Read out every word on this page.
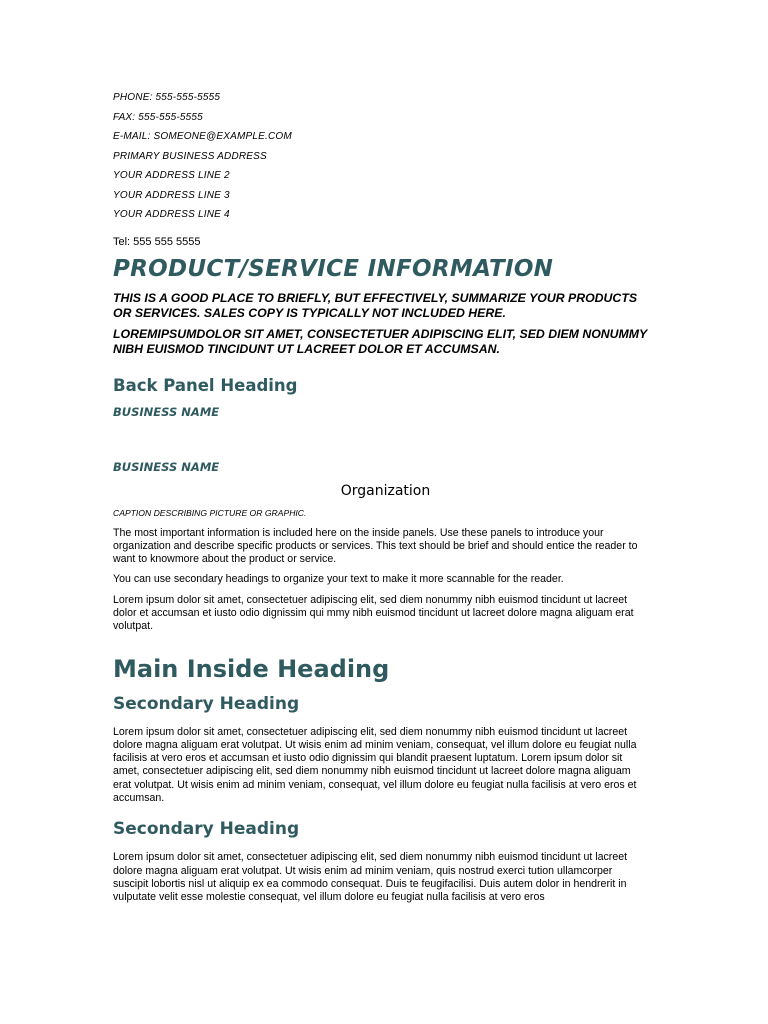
PHONE: 555-555-5555
FAX: 555-555-5555
E-MAIL: SOMEONE@EXAMPLE.COM
PRIMARY BUSINESS ADDRESS
YOUR ADDRESS LINE 2
YOUR ADDRESS LINE 3
YOUR ADDRESS LINE 4
Tel: 555 555 5555
PRODUCT/SERVICE INFORMATION

THIS IS A GOOD PLACE TO BRIEFLY, BUT EFFECTIVELY, SUMMARIZE YOUR PRODUCTS OR SERVICES. SALES COPY IS TYPICALLY NOT INCLUDED HERE.

LOREMIPSUMDOLOR SIT AMET, CONSECTETUER ADIPISCING ELIT, SED DIEM NONUMMY NIBH EUISMOD TINCIDUNT UT LACREET DOLOR ET ACCUMSAN.

Back Panel Heading
BUSINESS NAME
BUSINESS NAME
Organization
CAPTION DESCRIBING PICTURE OR GRAPHIC.

The most important information is included here on the inside panels. Use these panels to introduce your organization and describe specific products or services. This text should be brief and should entice the reader to want to knowmore about the product or service.

You can use secondary headings to organize your text to make it more scannable for the reader.

Lorem ipsum dolor sit amet, consectetuer adipiscing elit, sed diem nonummy nibh euismod tincidunt ut lacreet dolor et accumsan et iusto odio dignissim qui mmy nibh euismod tincidunt ut lacreet dolore magna aliguam erat volutpat.

Main Inside Heading
Secondary Heading

Lorem ipsum dolor sit amet, consectetuer adipiscing elit, sed diem nonummy nibh euismod tincidunt ut lacreet dolore magna aliguam erat volutpat. Ut wisis enim ad minim veniam, consequat, vel illum dolore eu feugiat nulla facilisis at vero eros et accumsan et iusto odio dignissim qui blandit praesent luptatum. Lorem ipsum dolor sit amet, consectetuer adipiscing elit, sed diem nonummy nibh euismod tincidunt ut lacreet dolore magna aliguam erat volutpat. Ut wisis enim ad minim veniam, consequat, vel illum dolore eu feugiat nulla facilisis at vero eros et accumsan.

Secondary Heading

Lorem ipsum dolor sit amet, consectetuer adipiscing elit, sed diem nonummy nibh euismod tincidunt ut lacreet dolore magna aliguam erat volutpat. Ut wisis enim ad minim veniam, quis nostrud exerci tution ullamcorper suscipit lobortis nisl ut aliquip ex ea commodo consequat. Duis te feugifacilisi. Duis autem dolor in hendrerit in vulputate velit esse molestie consequat, vel illum dolore eu feugiat nulla facilisis at vero eros
